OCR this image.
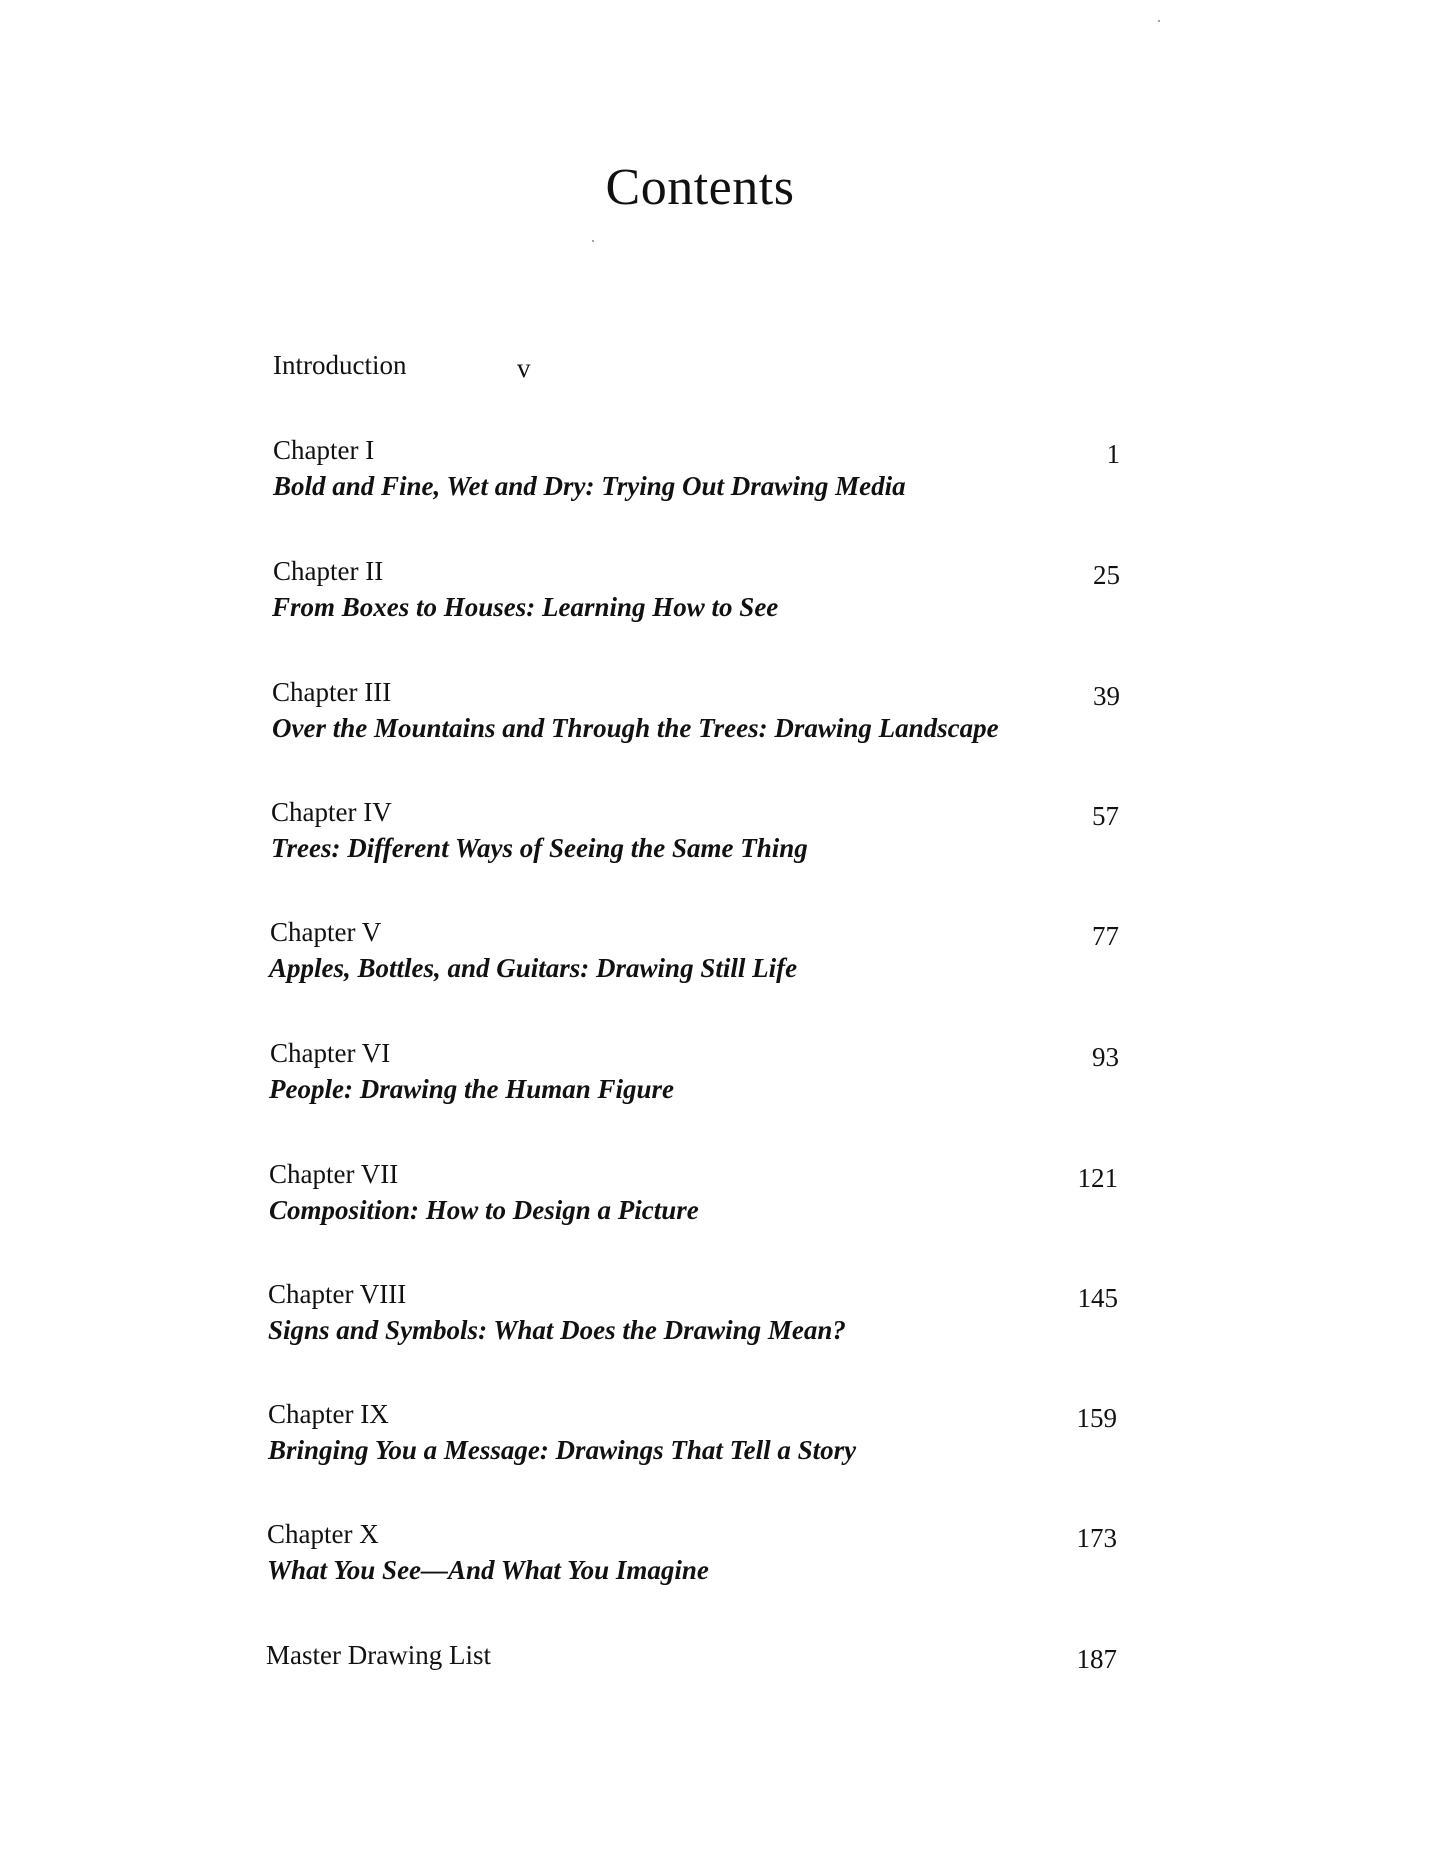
Contents
Introduction	v
Chapter I
Bold and Fine, Wet and Dry: Trying Out Drawing Media
1
Chapter II
From Boxes to Houses: Learning How to See
25
Chapter III
Over the Mountains and Through the Trees: Drawing Landscape
39
Chapter IV
Trees: Different Ways of Seeing the Same Thing
57
Chapter V
Apples, Bottles, and Guitars: Drawing Still Life
77
Chapter VI
People: Drawing the Human Figure
93
Chapter VII
Composition: How to Design a Picture
121
Chapter VIII
Signs and Symbols: What Does the Drawing Mean?
145
Chapter IX
Bringing You a Message: Drawings That Tell a Story
159
Chapter X
What You See—And What You Imagine
173
Master Drawing List	187
